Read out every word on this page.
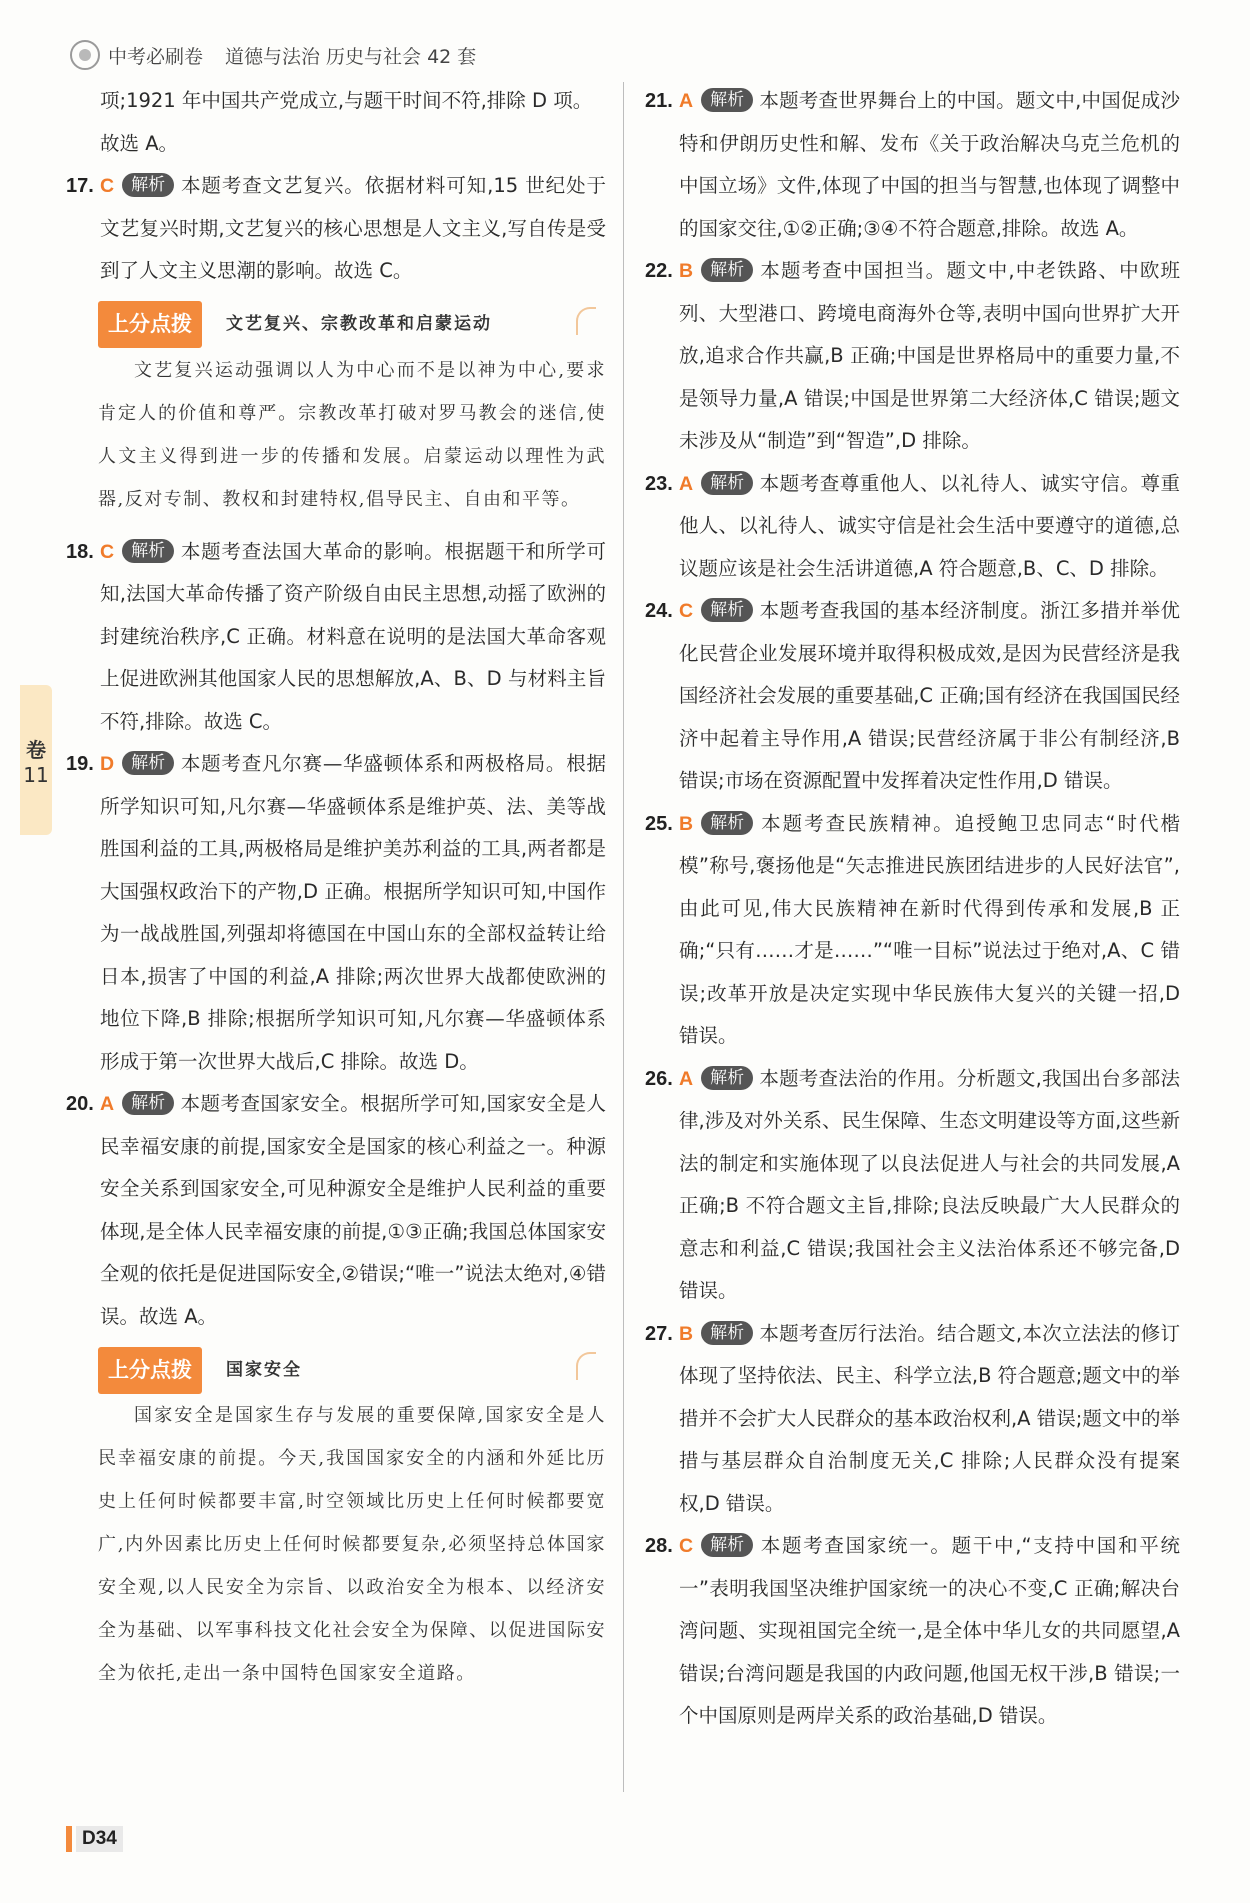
中考必刷卷 道德与法治 历史与社会 42 套
卷
11

项;1921 年中国共产党成立,与题干时间不符,排除 D 项。

故选 A。

17. C 解析 本题考查文艺复兴。依据材料可知,15 世纪处于文艺复兴时期,文艺复兴的核心思想是人文主义,写自传是受到了人文主义思潮的影响。故选 C。

上分点拨	文艺复兴、宗教改革和启蒙运动
文艺复兴运动强调以人为中心而不是以神为中心,要求肯定人的价值和尊严。宗教改革打破对罗马教会的迷信,使人文主义得到进一步的传播和发展。启蒙运动以理性为武器,反对专制、教权和封建特权,倡导民主、自由和平等。

18. C 解析 本题考查法国大革命的影响。根据题干和所学可知,法国大革命传播了资产阶级自由民主思想,动摇了欧洲的封建统治秩序,C 正确。材料意在说明的是法国大革命客观上促进欧洲其他国家人民的思想解放,A、B、D 与材料主旨不符,排除。故选 C。

19. D 解析 本题考查凡尔赛—华盛顿体系和两极格局。根据所学知识可知,凡尔赛—华盛顿体系是维护英、法、美等战胜国利益的工具,两极格局是维护美苏利益的工具,两者都是大国强权政治下的产物,D 正确。根据所学知识可知,中国作为一战战胜国,列强却将德国在中国山东的全部权益转让给日本,损害了中国的利益,A 排除;两次世界大战都使欧洲的地位下降,B 排除;根据所学知识可知,凡尔赛—华盛顿体系形成于第一次世界大战后,C 排除。故选 D。

20. A 解析 本题考查国家安全。根据所学可知,国家安全是人民幸福安康的前提,国家安全是国家的核心利益之一。种源安全关系到国家安全,可见种源安全是维护人民利益的重要体现,是全体人民幸福安康的前提,①③正确;我国总体国家安全观的依托是促进国际安全,②错误;“唯一”说法太绝对,④错误。故选 A。

上分点拨	国家安全
国家安全是国家生存与发展的重要保障,国家安全是人民幸福安康的前提。今天,我国国家安全的内涵和外延比历史上任何时候都要丰富,时空领域比历史上任何时候都要宽广,内外因素比历史上任何时候都要复杂,必须坚持总体国家安全观,以人民安全为宗旨、以政治安全为根本、以经济安全为基础、以军事科技文化社会安全为保障、以促进国际安全为依托,走出一条中国特色国家安全道路。

21. A 解析 本题考查世界舞台上的中国。题文中,中国促成沙特和伊朗历史性和解、发布《关于政治解决乌克兰危机的中国立场》文件,体现了中国的担当与智慧,也体现了调整中的国家交往,①②正确;③④不符合题意,排除。故选 A。

22. B 解析 本题考查中国担当。题文中,中老铁路、中欧班列、大型港口、跨境电商海外仓等,表明中国向世界扩大开放,追求合作共赢,B 正确;中国是世界格局中的重要力量,不是领导力量,A 错误;中国是世界第二大经济体,C 错误;题文未涉及从“制造”到“智造”,D 排除。

23. A 解析 本题考查尊重他人、以礼待人、诚实守信。尊重他人、以礼待人、诚实守信是社会生活中要遵守的道德,总议题应该是社会生活讲道德,A 符合题意,B、C、D 排除。

24. C 解析 本题考查我国的基本经济制度。浙江多措并举优化民营企业发展环境并取得积极成效,是因为民营经济是我国经济社会发展的重要基础,C 正确;国有经济在我国国民经济中起着主导作用,A 错误;民营经济属于非公有制经济,B 错误;市场在资源配置中发挥着决定性作用,D 错误。

25. B 解析 本题考查民族精神。追授鲍卫忠同志“时代楷模”称号,褒扬他是“矢志推进民族团结进步的人民好法官”,由此可见,伟大民族精神在新时代得到传承和发展,B 正确;“只有……才是……”“唯一目标”说法过于绝对,A、C 错误;改革开放是决定实现中华民族伟大复兴的关键一招,D 错误。

26. A 解析 本题考查法治的作用。分析题文,我国出台多部法律,涉及对外关系、民生保障、生态文明建设等方面,这些新法的制定和实施体现了以良法促进人与社会的共同发展,A 正确;B 不符合题文主旨,排除;良法反映最广大人民群众的意志和利益,C 错误;我国社会主义法治体系还不够完备,D 错误。

27. B 解析 本题考查厉行法治。结合题文,本次立法法的修订体现了坚持依法、民主、科学立法,B 符合题意;题文中的举措并不会扩大人民群众的基本政治权利,A 错误;题文中的举措与基层群众自治制度无关,C 排除;人民群众没有提案权,D 错误。

28. C 解析 本题考查国家统一。题干中,“支持中国和平统一”表明我国坚决维护国家统一的决心不变,C 正确;解决台湾问题、实现祖国完全统一,是全体中华儿女的共同愿望,A 错误;台湾问题是我国的内政问题,他国无权干涉,B 错误;一个中国原则是两岸关系的政治基础,D 错误。

D34
